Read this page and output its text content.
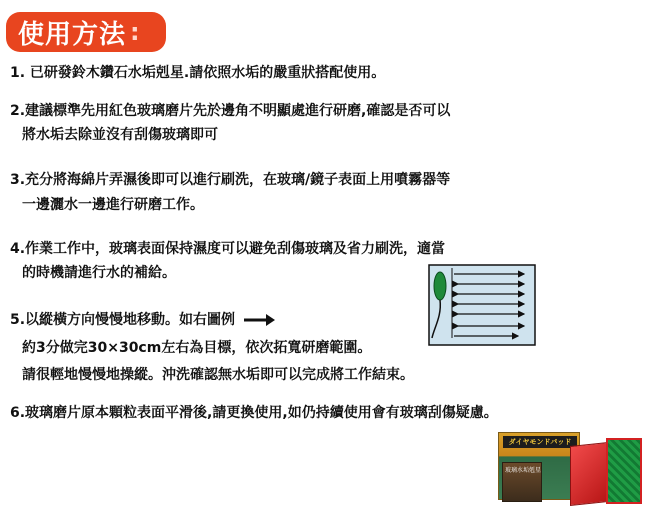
使用方法 :
1. 已研發鈴木鑽石水垢剋星.請依照水垢的嚴重狀搭配使用。
2.建議標準先用紅色玻璃磨片先於邊角不明顯處進行研磨,確認是否可以
將水垢去除並沒有刮傷玻璃即可
3.充分將海綿片弄濕後即可以進行刷洗，在玻璃/鏡子表面上用噴霧器等
一邊灑水一邊進行研磨工作。
4.作業工作中，玻璃表面保持濕度可以避免刮傷玻璃及省力刷洗，適當
的時機請進行水的補給。
5.以縱橫方向慢慢地移動。如右圖例
約3分做完30×30cm左右為目標，依次拓寬研磨範圍。
請很輕地慢慢地操縱。沖洗確認無水垢即可以完成將工作結束。
6.玻璃磨片原本顆粒表面平滑後,請更換使用,如仍持續使用會有玻璃刮傷疑慮。
ダイヤモンドパッド
玻璃水垢剋星
